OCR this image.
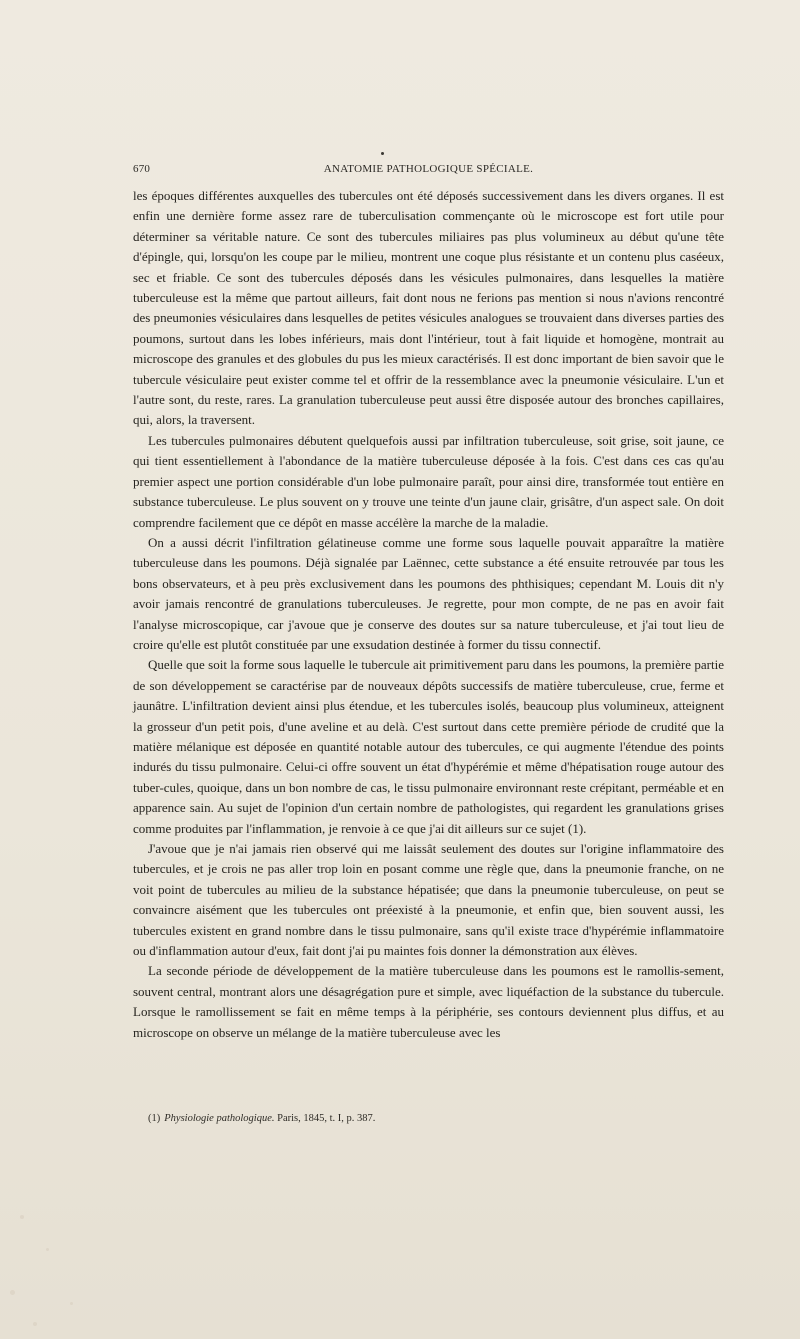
670	ANATOMIE PATHOLOGIQUE SPÉCIALE.

les époques différentes auxquelles des tubercules ont été déposés successivement dans les divers organes. Il est enfin une dernière forme assez rare de tuberculisation commençante où le microscope est fort utile pour déterminer sa véritable nature. Ce sont des tubercules miliaires pas plus volumineux au début qu'une tête d'épingle, qui, lorsqu'on les coupe par le milieu, montrent une coque plus résistante et un contenu plus caséeux, sec et friable. Ce sont des tubercules déposés dans les vésicules pulmonaires, dans lesquelles la matière tuberculeuse est la même que partout ailleurs, fait dont nous ne ferions pas mention si nous n'avions rencontré des pneumonies vésiculaires dans lesquelles de petites vésicules analogues se trouvaient dans diverses parties des poumons, surtout dans les lobes inférieurs, mais dont l'intérieur, tout à fait liquide et homogène, montrait au microscope des granules et des globules du pus les mieux caractérisés. Il est donc important de bien savoir que le tubercule vésiculaire peut exister comme tel et offrir de la ressemblance avec la pneumonie vésiculaire. L'un et l'autre sont, du reste, rares. La granulation tuberculeuse peut aussi être disposée autour des bronches capillaires, qui, alors, la traversent.

Les tubercules pulmonaires débutent quelquefois aussi par infiltration tuberculeuse, soit grise, soit jaune, ce qui tient essentiellement à l'abondance de la matière tuberculeuse déposée à la fois. C'est dans ces cas qu'au premier aspect une portion considérable d'un lobe pulmonaire paraît, pour ainsi dire, transformée tout entière en substance tuberculeuse. Le plus souvent on y trouve une teinte d'un jaune clair, grisâtre, d'un aspect sale. On doit comprendre facilement que ce dépôt en masse accélère la marche de la maladie.

On a aussi décrit l'infiltration gélatineuse comme une forme sous laquelle pouvait apparaître la matière tuberculeuse dans les poumons. Déjà signalée par Laënnec, cette substance a été ensuite retrouvée par tous les bons observateurs, et à peu près exclusivement dans les poumons des phthisiques; cependant M. Louis dit n'y avoir jamais rencontré de granulations tuberculeuses. Je regrette, pour mon compte, de ne pas en avoir fait l'analyse microscopique, car j'avoue que je conserve des doutes sur sa nature tuberculeuse, et j'ai tout lieu de croire qu'elle est plutôt constituée par une exsudation destinée à former du tissu connectif.

Quelle que soit la forme sous laquelle le tubercule ait primitivement paru dans les poumons, la première partie de son développement se caractérise par de nouveaux dépôts successifs de matière tuberculeuse, crue, ferme et jaunâtre. L'infiltration devient ainsi plus étendue, et les tubercules isolés, beaucoup plus volumineux, atteignent la grosseur d'un petit pois, d'une aveline et au delà. C'est surtout dans cette première période de crudité que la matière mélanique est déposée en quantité notable autour des tubercules, ce qui augmente l'étendue des points indurés du tissu pulmonaire. Celui-ci offre souvent un état d'hypérémie et même d'hépatisation rouge autour des tuber-cules, quoique, dans un bon nombre de cas, le tissu pulmonaire environnant reste crépitant, perméable et en apparence sain. Au sujet de l'opinion d'un certain nombre de pathologistes, qui regardent les granulations grises comme produites par l'inflammation, je renvoie à ce que j'ai dit ailleurs sur ce sujet (1).

J'avoue que je n'ai jamais rien observé qui me laissât seulement des doutes sur l'origine inflammatoire des tubercules, et je crois ne pas aller trop loin en posant comme une règle que, dans la pneumonie franche, on ne voit point de tubercules au milieu de la substance hépatisée; que dans la pneumonie tuberculeuse, on peut se convaincre aisément que les tubercules ont préexisté à la pneumonie, et enfin que, bien souvent aussi, les tubercules existent en grand nombre dans le tissu pulmonaire, sans qu'il existe trace d'hypérémie inflammatoire ou d'inflammation autour d'eux, fait dont j'ai pu maintes fois donner la démonstration aux élèves.

La seconde période de développement de la matière tuberculeuse dans les poumons est le ramollis-sement, souvent central, montrant alors une désagrégation pure et simple, avec liquéfaction de la substance du tubercule. Lorsque le ramollissement se fait en même temps à la périphérie, ses contours deviennent plus diffus, et au microscope on observe un mélange de la matière tuberculeuse avec les

(1) Physiologie pathologique. Paris, 1845, t. I, p. 387.
